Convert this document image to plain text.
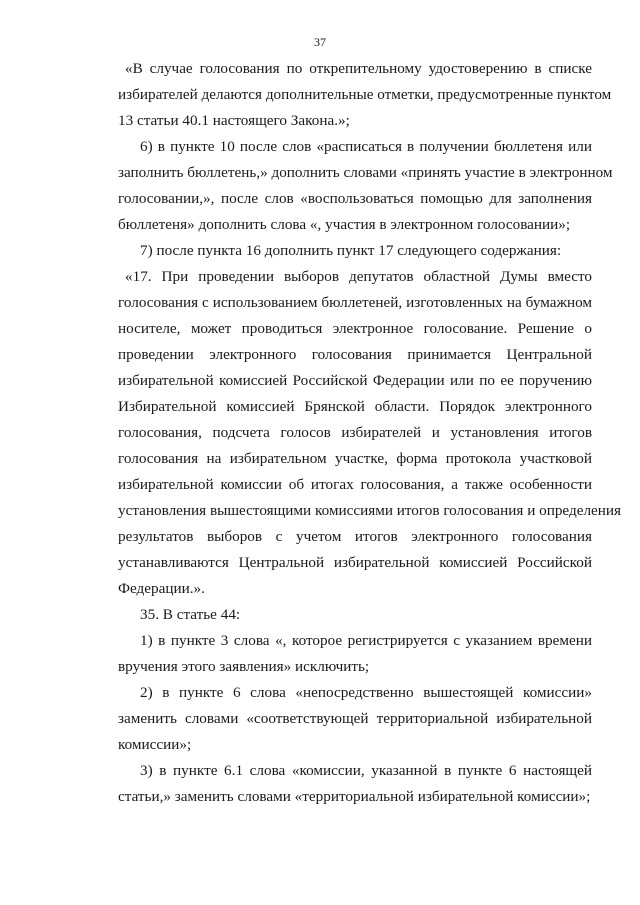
37
«В случае голосования по открепительному удостоверению в списке
избирателей делаются дополнительные отметки, предусмотренные пунктом
13 статьи 40.1 настоящего Закона.»;
6) в пункте 10 после слов «расписаться в получении бюллетеня или
заполнить бюллетень,» дополнить словами «принять участие в электронном
голосовании,», после слов «воспользоваться помощью для заполнения
бюллетеня» дополнить слова «, участия в электронном голосовании»;
7) после пункта 16 дополнить пункт 17 следующего содержания:
«17. При проведении выборов депутатов областной Думы вместо
голосования с использованием бюллетеней, изготовленных на бумажном
носителе, может проводиться электронное голосование. Решение о
проведении электронного голосования принимается Центральной
избирательной комиссией Российской Федерации или по ее поручению
Избирательной комиссией Брянской области. Порядок электронного
голосования, подсчета голосов избирателей и установления итогов
голосования на избирательном участке, форма протокола участковой
избирательной комиссии об итогах голосования, а также особенности
установления вышестоящими комиссиями итогов голосования и определения
результатов выборов с учетом итогов электронного голосования
устанавливаются Центральной избирательной комиссией Российской
Федерации.».
35. В статье 44:
1) в пункте 3 слова «, которое регистрируется с указанием времени
вручения этого заявления» исключить;
2) в пункте 6 слова «непосредственно вышестоящей комиссии»
заменить словами «соответствующей территориальной избирательной
комиссии»;
3) в пункте 6.1 слова «комиссии, указанной в пункте 6 настоящей
статьи,» заменить словами «территориальной избирательной комиссии»;
